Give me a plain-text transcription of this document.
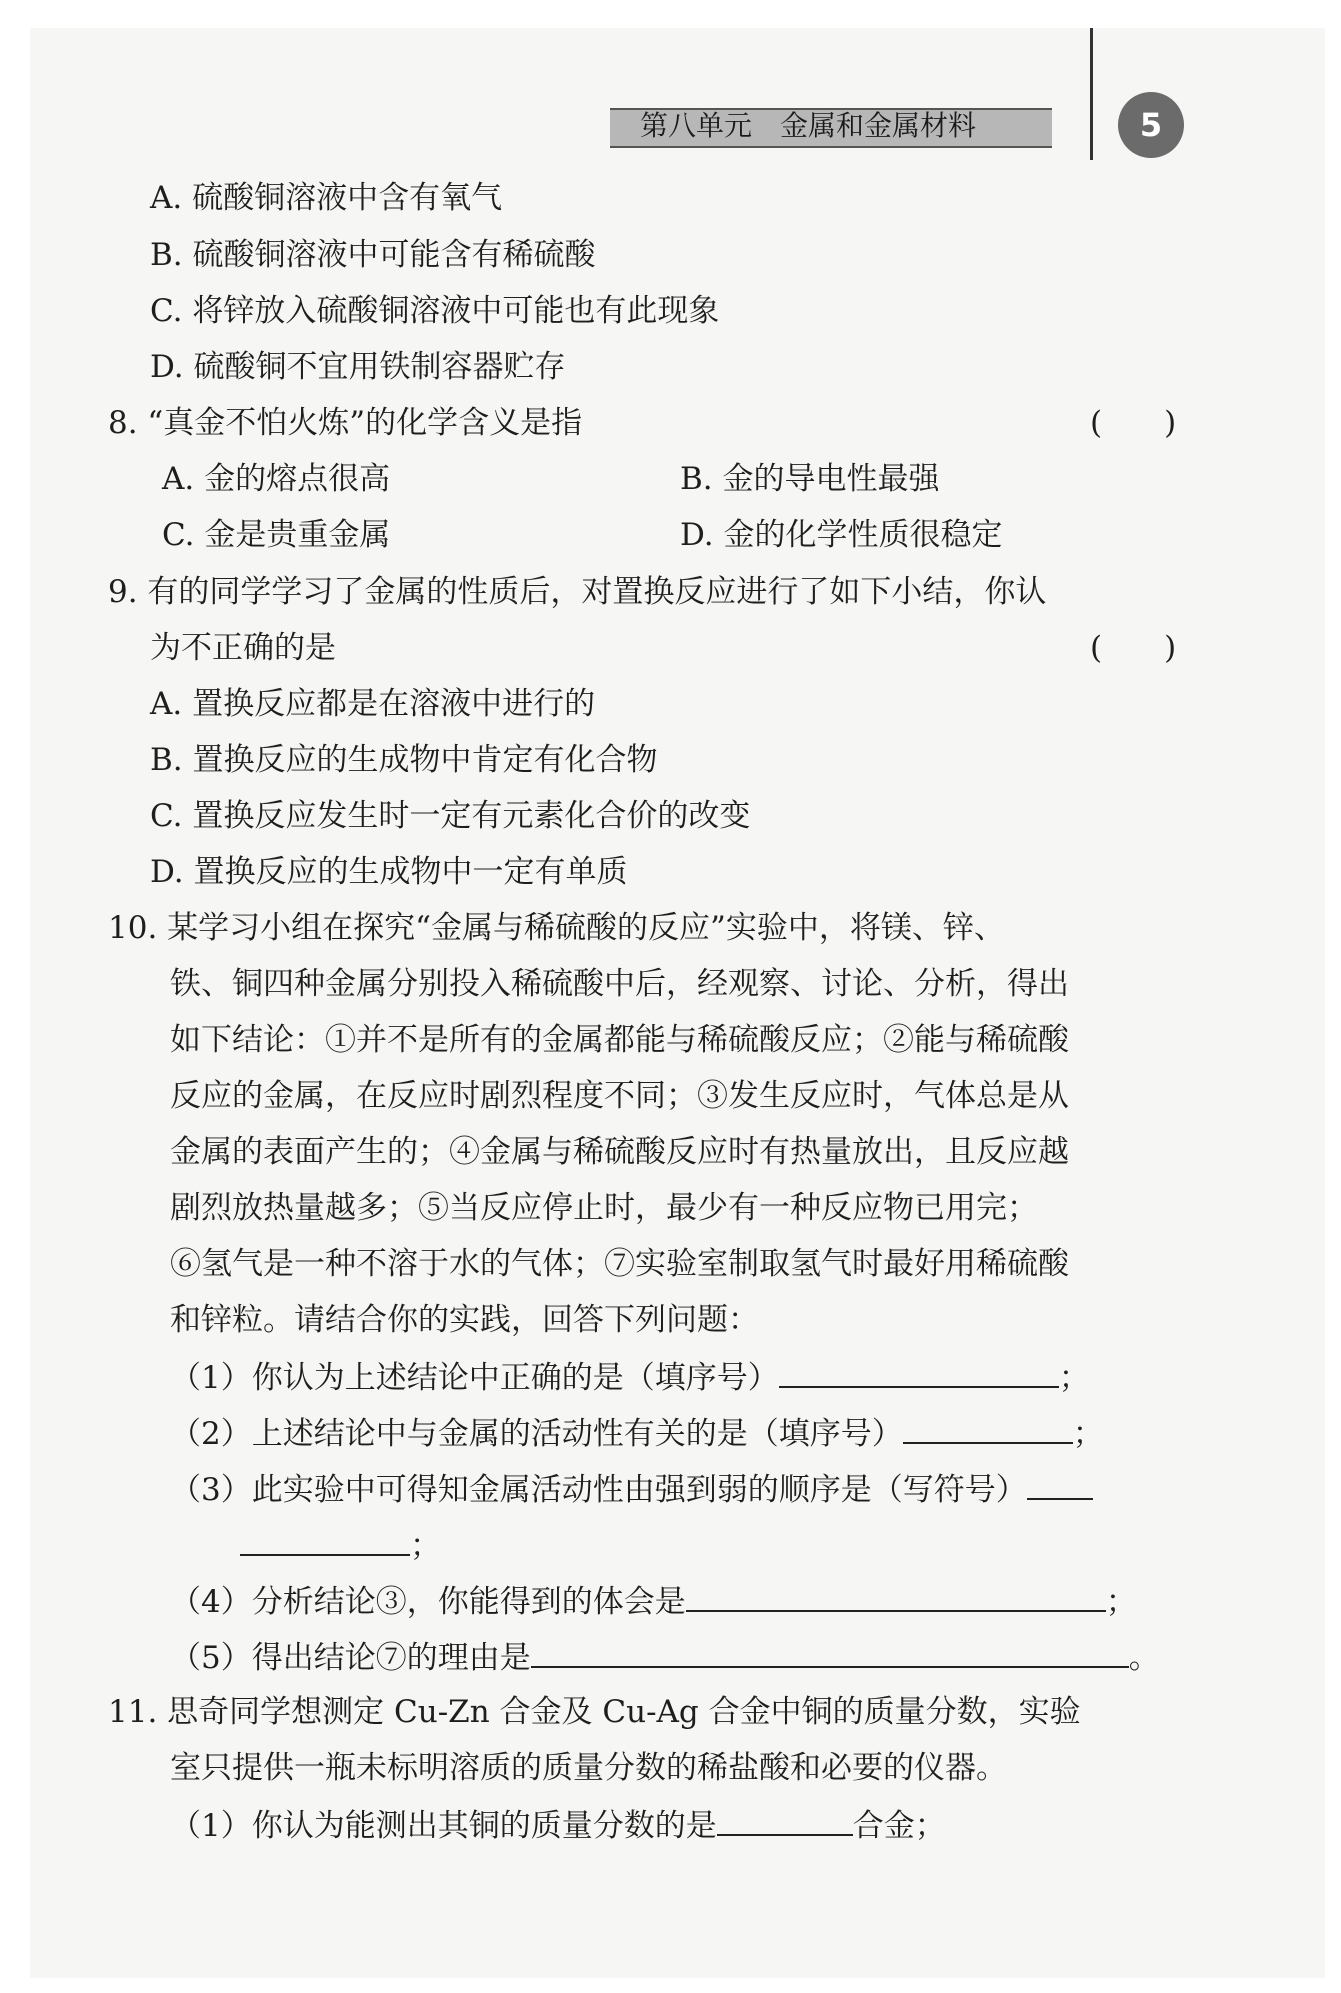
第八单元　金属和金属材料	5
A. 硫酸铜溶液中含有氧气
B. 硫酸铜溶液中可能含有稀硫酸
C. 将锌放入硫酸铜溶液中可能也有此现象
D. 硫酸铜不宜用铁制容器贮存
8. “真金不怕火炼”的化学含义是指	(　　)
A. 金的熔点很高	B. 金的导电性最强
C. 金是贵重金属	D. 金的化学性质很稳定
9. 有的同学学习了金属的性质后，对置换反应进行了如下小结，你认
为不正确的是	(　　)
A. 置换反应都是在溶液中进行的
B. 置换反应的生成物中肯定有化合物
C. 置换反应发生时一定有元素化合价的改变
D. 置换反应的生成物中一定有单质
10. 某学习小组在探究“金属与稀硫酸的反应”实验中，将镁、锌、
铁、铜四种金属分别投入稀硫酸中后，经观察、讨论、分析，得出
如下结论：①并不是所有的金属都能与稀硫酸反应；②能与稀硫酸
反应的金属，在反应时剧烈程度不同；③发生反应时，气体总是从
金属的表面产生的；④金属与稀硫酸反应时有热量放出，且反应越
剧烈放热量越多；⑤当反应停止时，最少有一种反应物已用完；
⑥氢气是一种不溶于水的气体；⑦实验室制取氢气时最好用稀硫酸
和锌粒。请结合你的实践，回答下列问题：
（1）你认为上述结论中正确的是（填序号）	；
（2）上述结论中与金属的活动性有关的是（填序号）	；
（3）此实验中可得知金属活动性由强到弱的顺序是（写符号）
；
（4）分析结论③，你能得到的体会是	；
（5）得出结论⑦的理由是	。
11. 思奇同学想测定 Cu-Zn 合金及 Cu-Ag 合金中铜的质量分数，实验
室只提供一瓶未标明溶质的质量分数的稀盐酸和必要的仪器。
（1）你认为能测出其铜的质量分数的是	合金；
